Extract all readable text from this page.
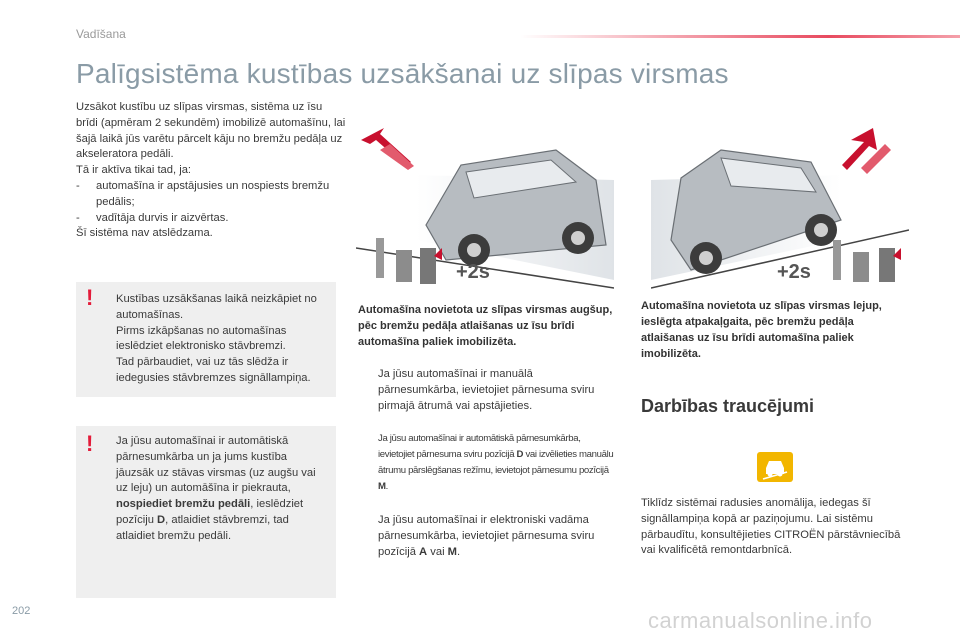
Vadīšana
Palīgsistēma kustības uzsākšanai uz slīpas virsmas

Uzsākot kustību uz slīpas virsmas, sistēma uz īsu brīdi (apmēram 2 sekundēm) imobilizē automašīnu, lai šajā laikā jūs varētu pārcelt kāju no bremžu pedāļa uz akseleratora pedāli.

Tā ir aktīva tikai tad, ja:

-	automašīna ir apstājusies un nospiests bremžu pedālis;
-	vadītāja durvis ir aizvērtas.

Šī sistēma nav atslēdzama.

! Kustības uzsākšanas laikā neizkāpiet no automašīnas.

Pirms izkāpšanas no automašīnas ieslēdziet elektronisko stāvbremzi.

Tad pārbaudiet, vai uz tās slēdža ir iedegusies stāvbremzes signāllampiņa.

! Ja jūsu automašīnai ir automātiskā pārnesumkārba un ja jums kustība jāuzsāk uz stāvas virsmas (uz augšu vai uz leju) un automāšīna ir piekrauta, nospiediet bremžu pedāli, ieslēdziet pozīciju D, atlaidiet stāvbremzi, tad atlaidiet bremžu pedāli.

+2s	+2s
Automašīna novietota uz slīpas virsmas augšup, pēc bremžu pedāļa atlaišanas uz īsu brīdi automašīna paliek imobilizēta.
Automašīna novietota uz slīpas virsmas lejup, ieslēgta atpakaļgaita, pēc bremžu pedāļa atlaišanas uz īsu brīdi automašīna paliek imobilizēta.
Ja jūsu automašīnai ir manuālā pārnesumkārba, ievietojiet pārnesuma sviru pirmajā ātrumā vai apstājieties.
Ja jūsu automašīnai ir automātiskā pārnesumkārba, ievietojiet pārnesuma sviru pozīcijā D vai izvēlieties manuālu ātrumu pārslēgšanas režīmu, ievietojot pārnesumu pozīcijā M.
Ja jūsu automašīnai ir elektroniski vadāma pārnesumkārba, ievietojiet pārnesuma sviru pozīcijā A vai M.
Darbības traucējumi
Tiklīdz sistēmai radusies anomālija, iedegas šī signāllampiņa kopā ar paziņojumu. Lai sistēmu pārbaudītu, konsultējieties CITROËN pārstāvniecībā vai kvalificētā remontdarbnīcā.
202	carmanualsonline.info
